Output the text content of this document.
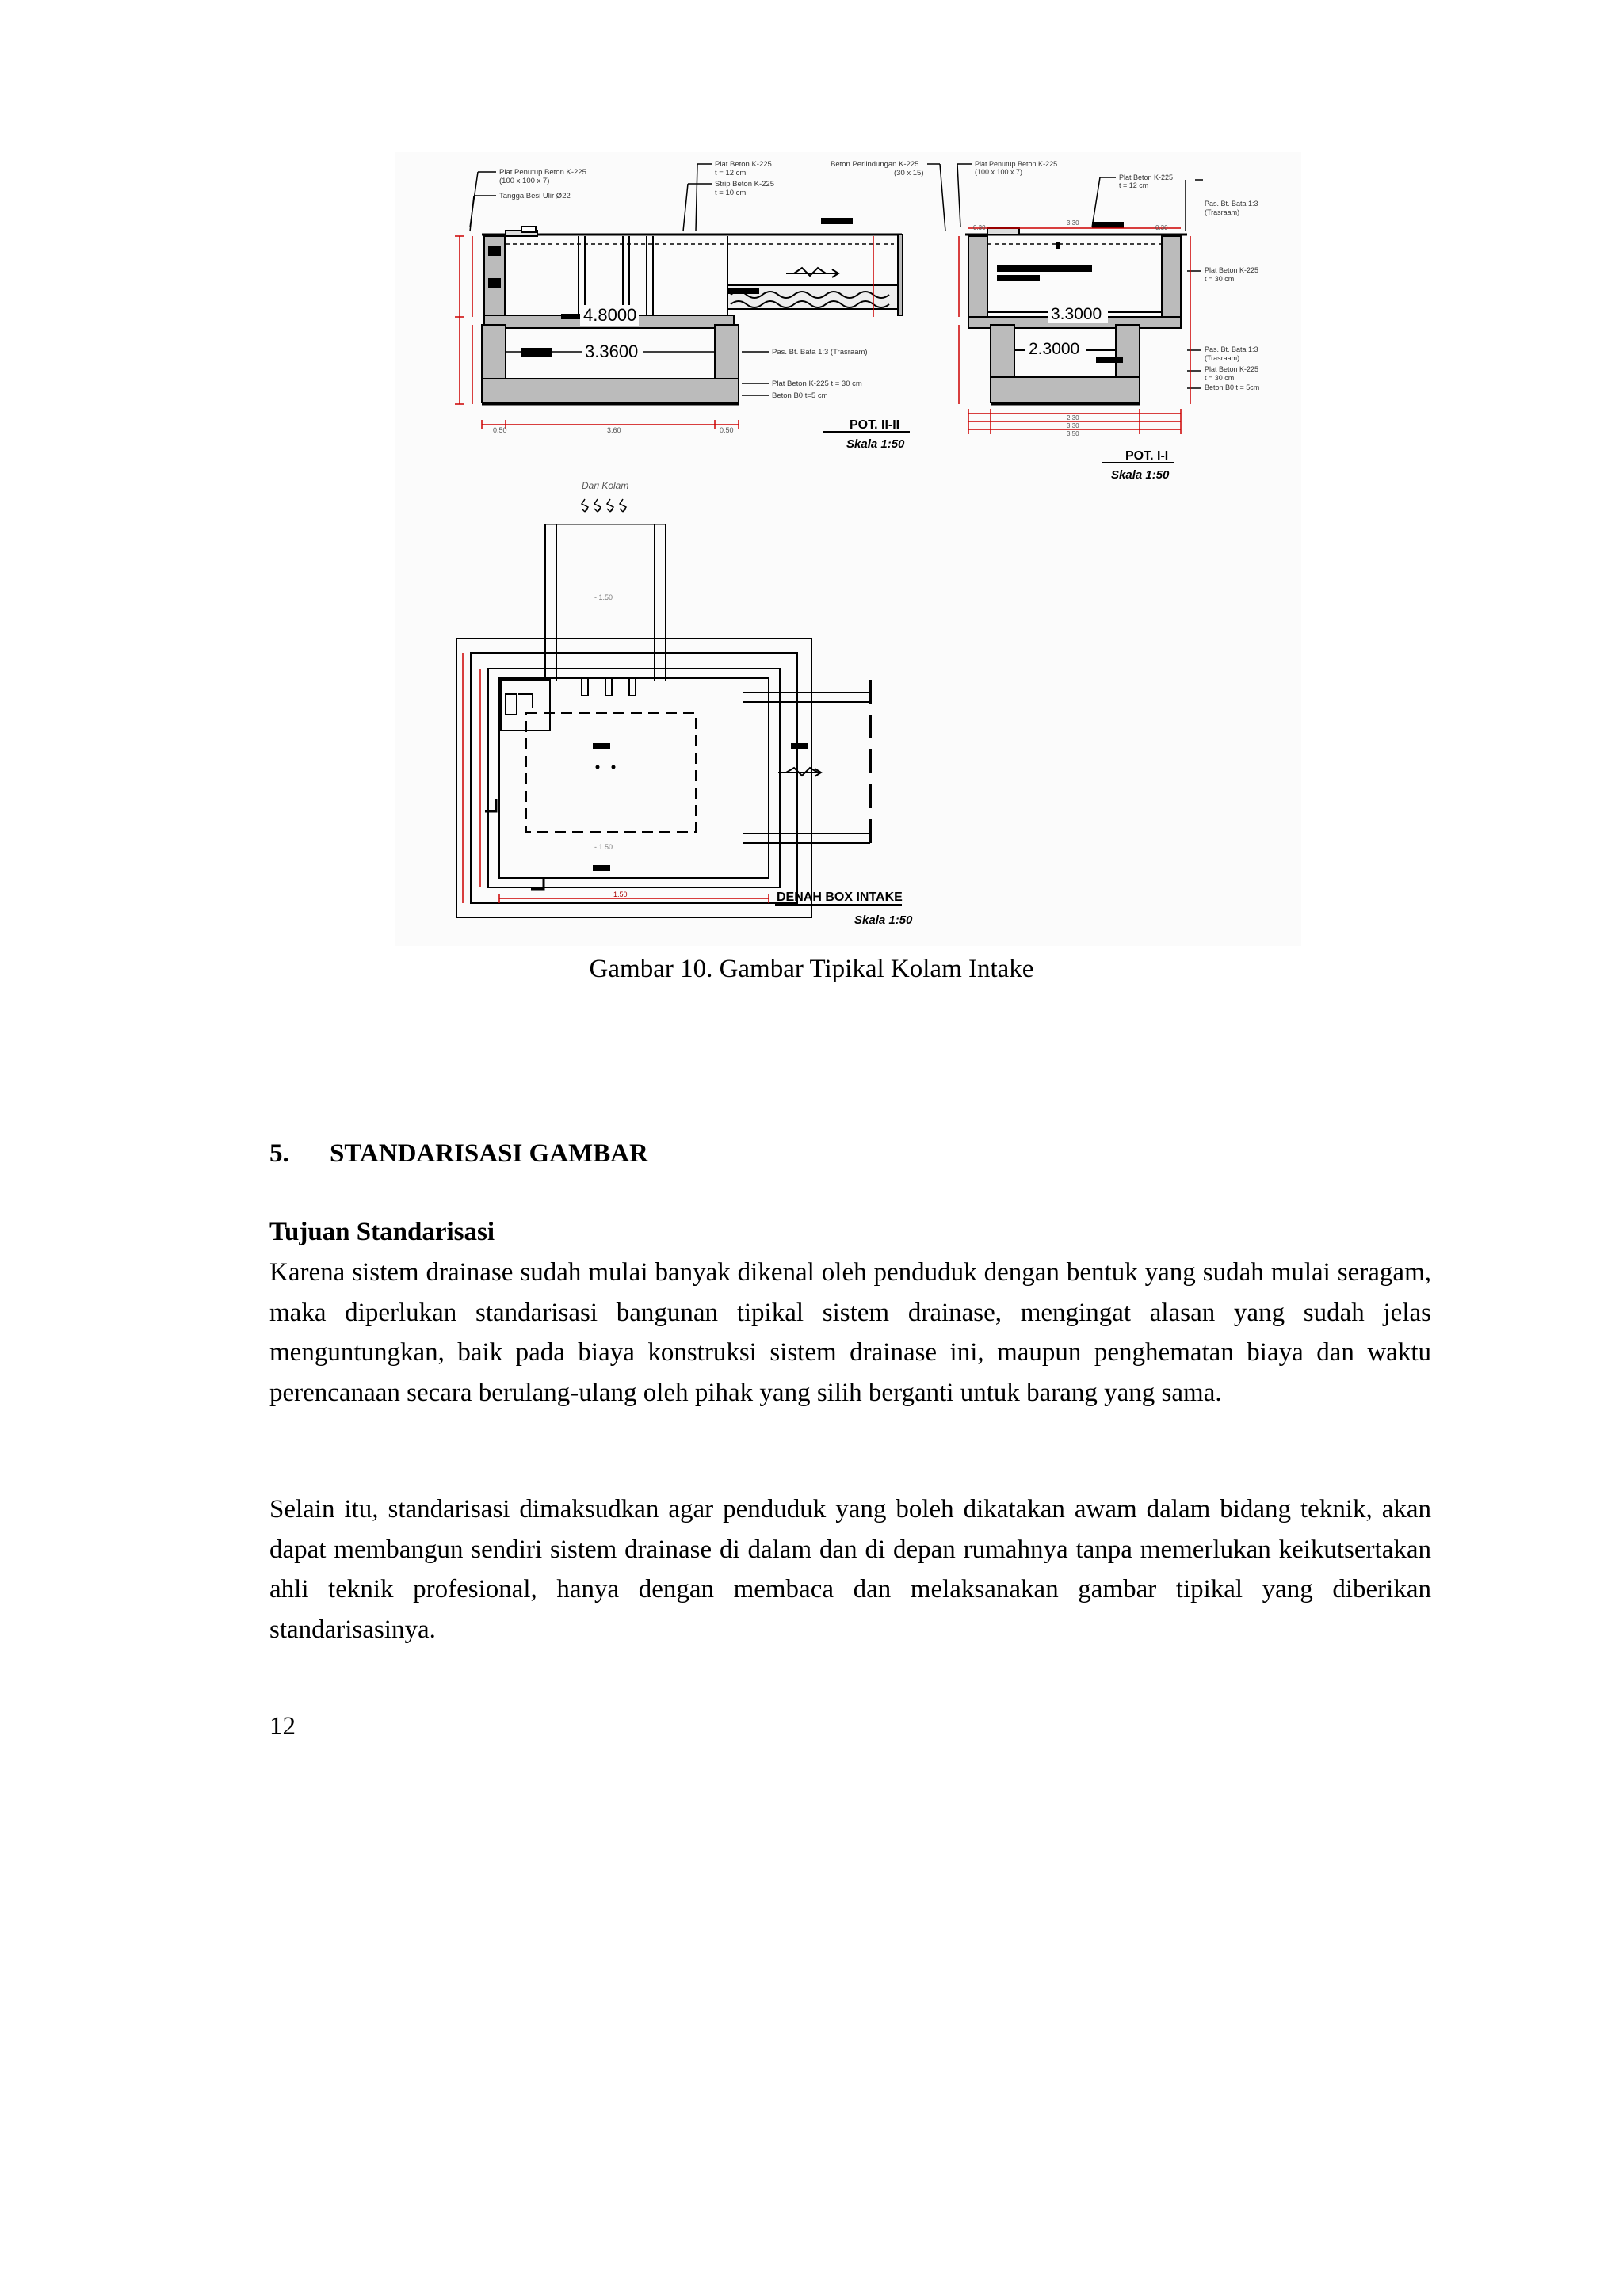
0.50	3.60	0.50
4.8000
3.3600
Plat Penutup Beton K-225
(100 x 100 x 7)
Tangga Besi Ulir Ø22
Plat Beton K-225
t = 12 cm
Strip Beton K-225
t = 10 cm
Beton Perlindungan K-225
(30 x 15)
Pas. Bt. Bata 1:3 (Trasraam)
Plat Beton K-225 t = 30 cm
Beton B0 t=5 cm
POT. II-II
Skala 1:50
0.30
3.30
0.30
2.30
3.30
3.50
3.3000
2.3000
Plat Penutup Beton K-225
(100 x 100 x 7)
Plat Beton K-225
t = 12 cm
Pas. Bt. Bata 1:3
(Trasraam)
Plat Beton K-225
t = 30 cm
Pas. Bt. Bata 1:3
(Trasraam)
Plat Beton K-225
t = 30 cm
Beton B0 t = 5cm
POT. I-I
Skala 1:50
Dari Kolam
- 1.50
- 1.50
1.50	DENAH BOX INTAKE
Skala 1:50
Gambar 10. Gambar Tipikal Kolam Intake
5. STANDARISASI GAMBAR
Tujuan Standarisasi

Karena sistem drainase sudah mulai banyak dikenal oleh penduduk dengan bentuk yang sudah mulai seragam, maka diperlukan standarisasi bangunan tipikal sistem drainase, mengingat alasan yang sudah jelas menguntungkan, baik pada biaya konstruksi sistem drainase ini, maupun penghematan biaya dan waktu perencanaan secara berulang-ulang oleh pihak yang silih berganti untuk barang yang sama.

Selain itu, standarisasi dimaksudkan agar penduduk yang boleh dikatakan awam dalam bidang teknik, akan dapat membangun sendiri sistem drainase di dalam dan di depan rumahnya tanpa memerlukan keikutsertakan ahli teknik profesional, hanya dengan membaca dan melaksanakan gambar tipikal yang diberikan standarisasinya.

12
